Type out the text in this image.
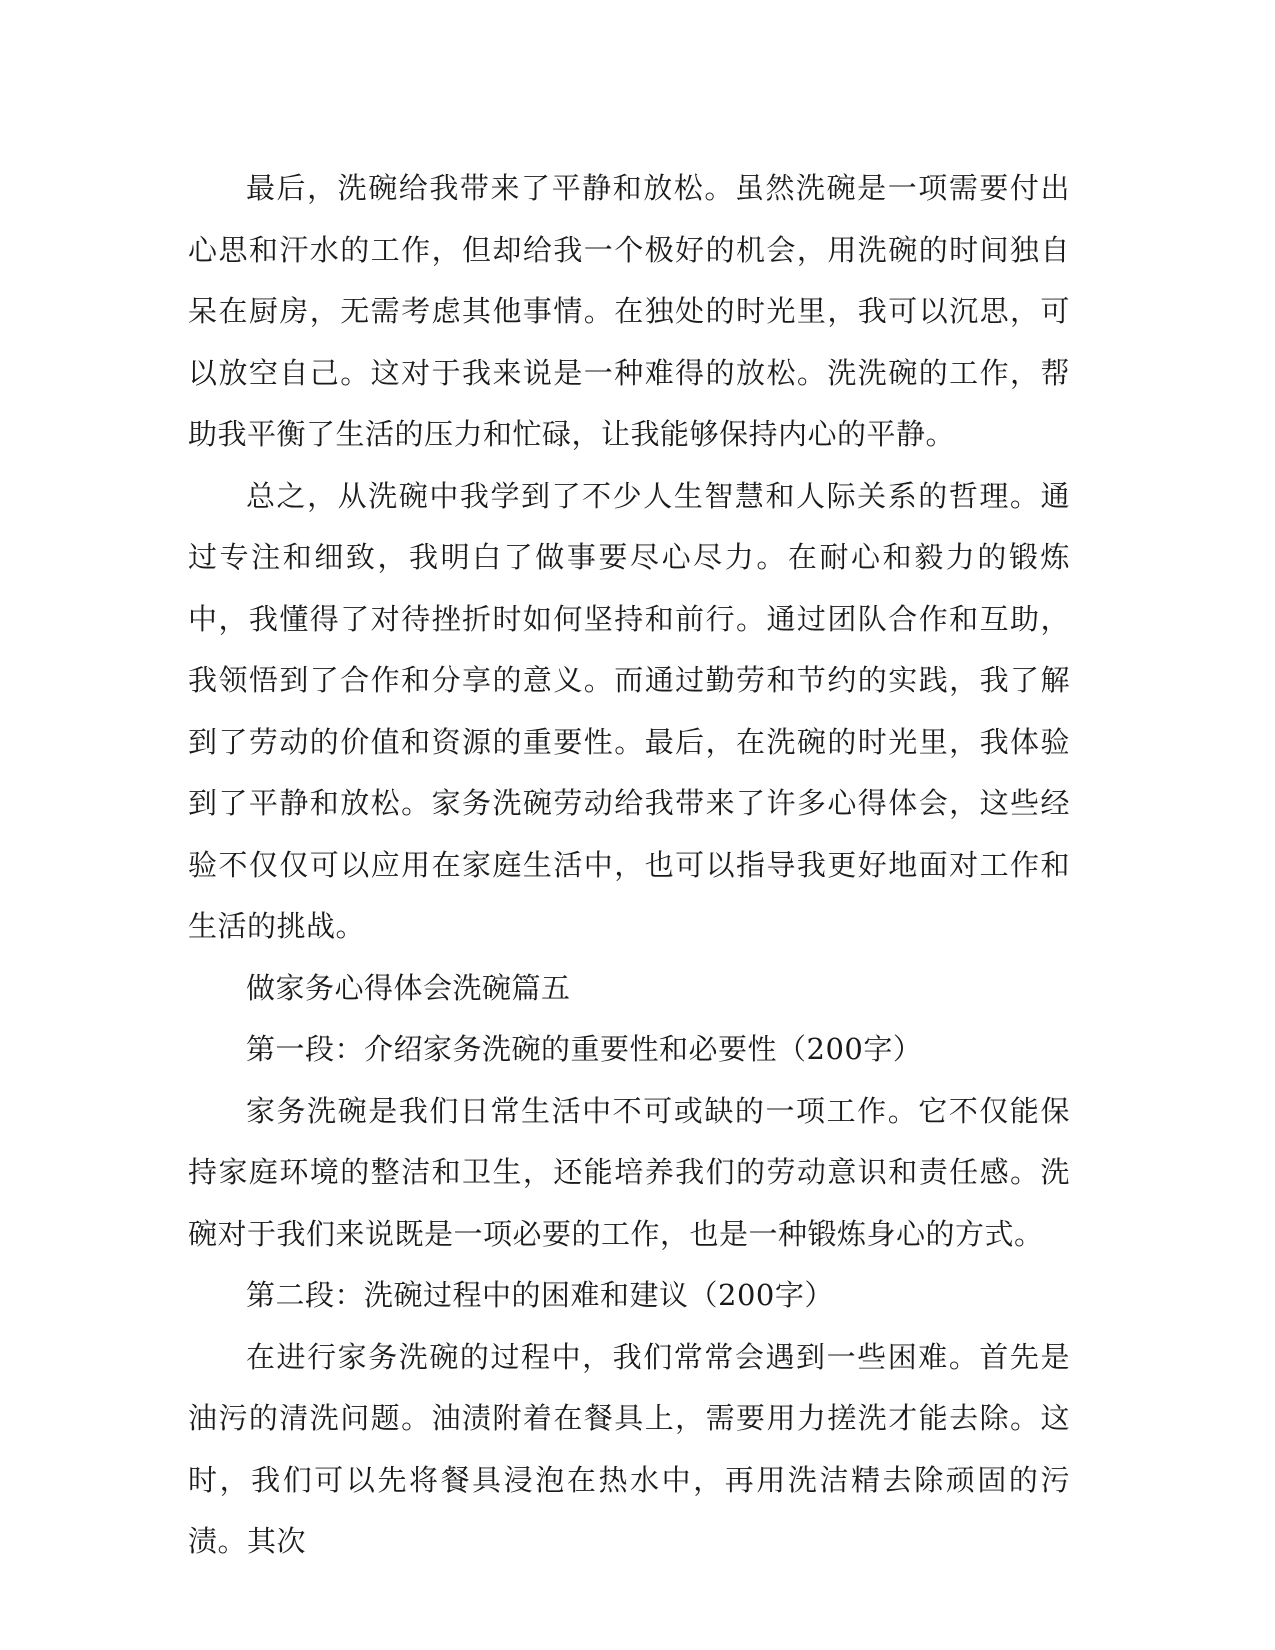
最后，洗碗给我带来了平静和放松。虽然洗碗是一项需要付出心思和汗水的工作，但却给我一个极好的机会，用洗碗的时间独自呆在厨房，无需考虑其他事情。在独处的时光里，我可以沉思，可以放空自己。这对于我来说是一种难得的放松。洗洗碗的工作，帮助我平衡了生活的压力和忙碌，让我能够保持内心的平静。

总之，从洗碗中我学到了不少人生智慧和人际关系的哲理。通过专注和细致，我明白了做事要尽心尽力。在耐心和毅力的锻炼中，我懂得了对待挫折时如何坚持和前行。通过团队合作和互助，我领悟到了合作和分享的意义。而通过勤劳和节约的实践，我了解到了劳动的价值和资源的重要性。最后，在洗碗的时光里，我体验到了平静和放松。家务洗碗劳动给我带来了许多心得体会，这些经验不仅仅可以应用在家庭生活中，也可以指导我更好地面对工作和生活的挑战。

做家务心得体会洗碗篇五

第一段：介绍家务洗碗的重要性和必要性（200字）

家务洗碗是我们日常生活中不可或缺的一项工作。它不仅能保持家庭环境的整洁和卫生，还能培养我们的劳动意识和责任感。洗碗对于我们来说既是一项必要的工作，也是一种锻炼身心的方式。

第二段：洗碗过程中的困难和建议（200字）

在进行家务洗碗的过程中，我们常常会遇到一些困难。首先是油污的清洗问题。油渍附着在餐具上，需要用力搓洗才能去除。这时，我们可以先将餐具浸泡在热水中，再用洗洁精去除顽固的污渍。其次
